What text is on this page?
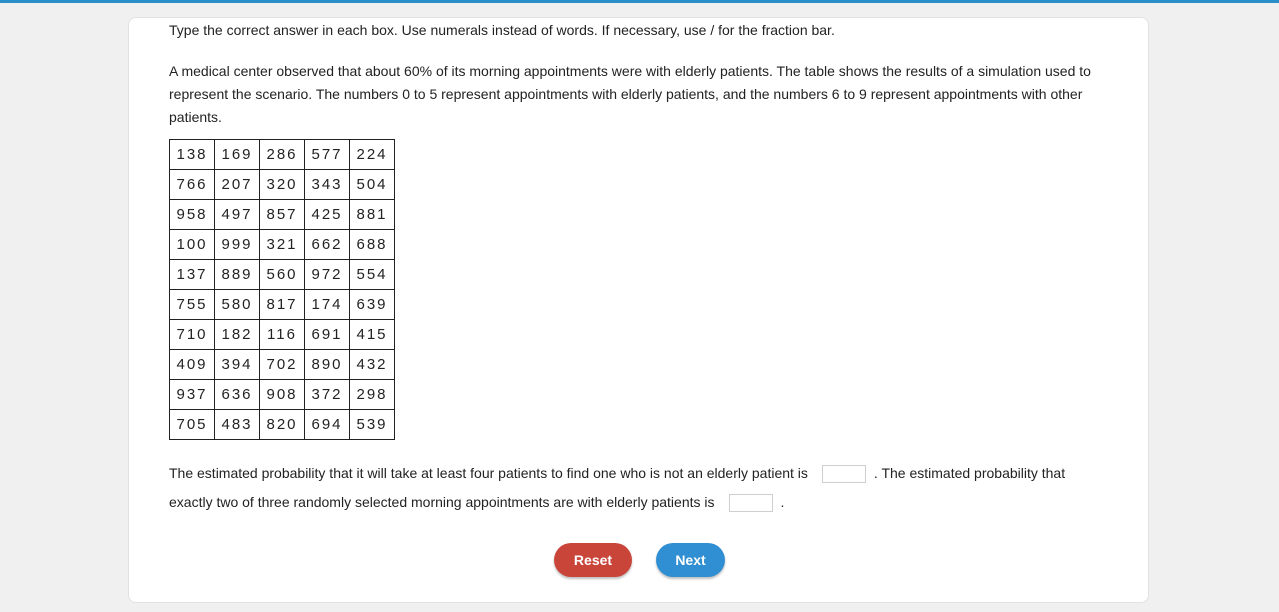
Type the correct answer in each box. Use numerals instead of words. If necessary, use / for the fraction bar.
A medical center observed that about 60% of its morning appointments were with elderly patients. The table shows the results of a simulation used to represent the scenario. The numbers 0 to 5 represent appointments with elderly patients, and the numbers 6 to 9 represent appointments with other patients.
138	169	286	577	224
766	207	320	343	504
958	497	857	425	881
100	999	321	662	688
137	889	560	972	554
755	580	817	174	639
710	182	116	691	415
409	394	702	890	432
937	636	908	372	298
705	483	820	694	539
The estimated probability that it will take at least four patients to find one who is not an elderly patient is	. The estimated probability that
exactly two of three randomly selected morning appointments are with elderly patients is	.
Reset	Next
